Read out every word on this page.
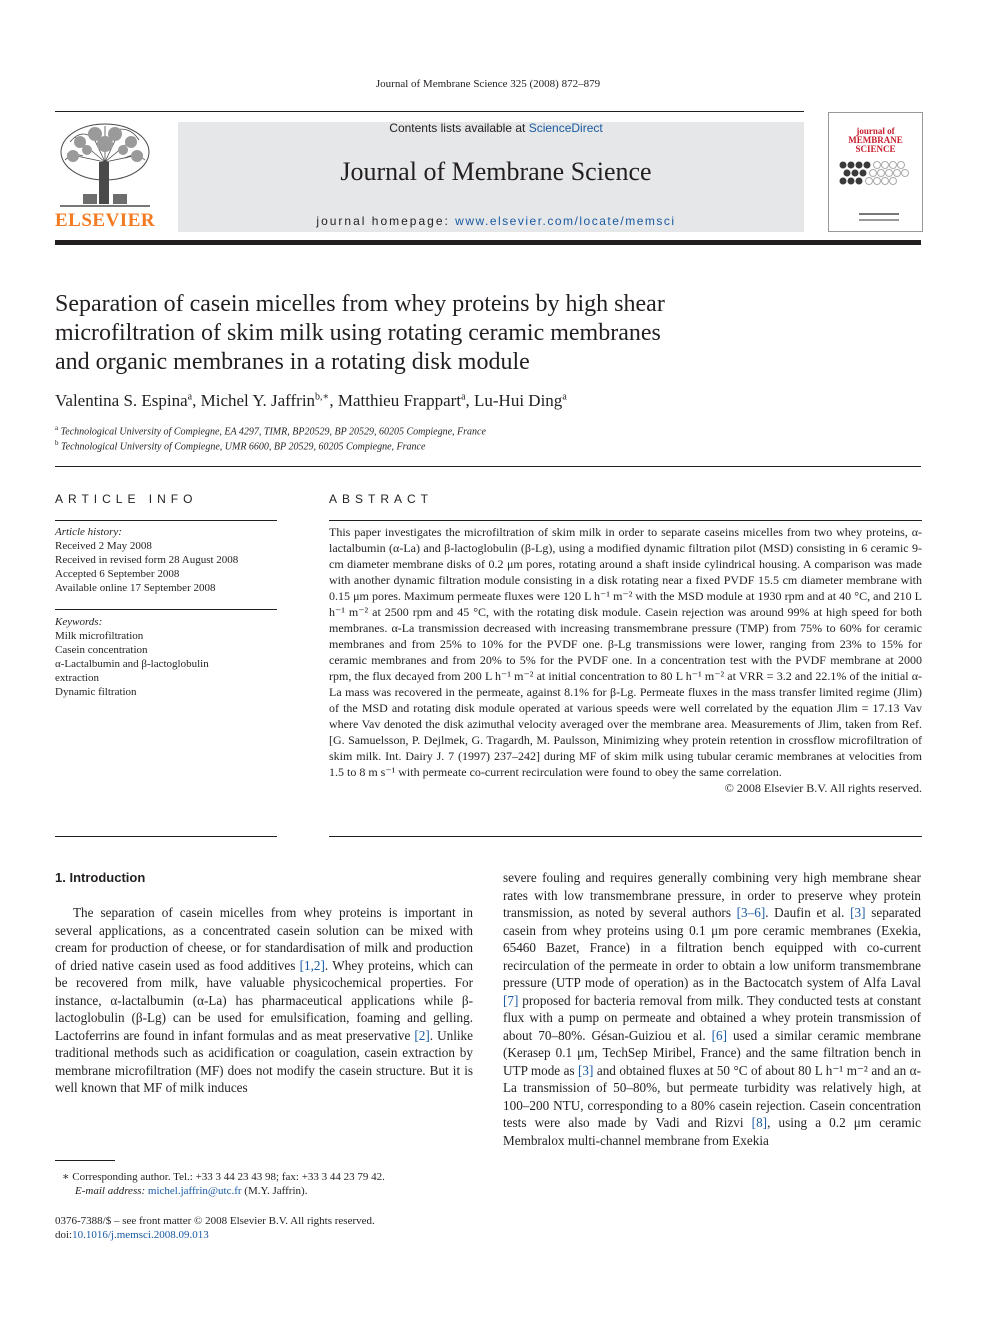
Journal of Membrane Science 325 (2008) 872–879
ELSEVIER
Contents lists available at ScienceDirect
Journal of Membrane Science
journal homepage: www.elsevier.com/locate/memsci
journal of MEMBRANE SCIENCE
Separation of casein micelles from whey proteins by high shear
microfiltration of skim milk using rotating ceramic membranes
and organic membranes in a rotating disk module
Valentina S. Espina$^a$, Michel Y. Jaffrin$^{b,∗}$, Matthieu Frappart$^a$, Lu-Hui Ding$^a$
$^a$ Technological University of Compiegne, EA 4297, TIMR, BP20529, BP 20529, 60205 Compiegne, France
$^b$ Technological University of Compiegne, UMR 6600, BP 20529, 60205 Compiegne, France
ARTICLE INFO
Article history:
Received 2 May 2008
Received in revised form 28 August 2008
Accepted 6 September 2008
Available online 17 September 2008
Keywords:
Milk microfiltration
Casein concentration
α-Lactalbumin and β-lactoglobulin
extraction
Dynamic filtration
ABSTRACT

This paper investigates the microfiltration of skim milk in order to separate caseins micelles from two whey proteins, α-lactalbumin (α-La) and β-lactoglobulin (β-Lg), using a modified dynamic filtration pilot (MSD) consisting in 6 ceramic 9-cm diameter membrane disks of 0.2 μm pores, rotating around a shaft inside cylindrical housing. A comparison was made with another dynamic filtration module consisting in a disk rotating near a fixed PVDF 15.5 cm diameter membrane with 0.15 μm pores. Maximum permeate fluxes were 120 L h⁻¹ m⁻² with the MSD module at 1930 rpm and at 40 °C, and 210 L h⁻¹ m⁻² at 2500 rpm and 45 °C, with the rotating disk module. Casein rejection was around 99% at high speed for both membranes. α-La transmission decreased with increasing transmembrane pressure (TMP) from 75% to 60% for ceramic membranes and from 25% to 10% for the PVDF one. β-Lg transmissions were lower, ranging from 23% to 15% for ceramic membranes and from 20% to 5% for the PVDF one. In a concentration test with the PVDF membrane at 2000 rpm, the flux decayed from 200 L h⁻¹ m⁻² at initial concentration to 80 L h⁻¹ m⁻² at VRR = 3.2 and 22.1% of the initial α-La mass was recovered in the permeate, against 8.1% for β-Lg. Permeate fluxes in the mass transfer limited regime (Jlim) of the MSD and rotating disk module operated at various speeds were well correlated by the equation Jlim = 17.13 Vav where Vav denoted the disk azimuthal velocity averaged over the membrane area. Measurements of Jlim, taken from Ref. [G. Samuelsson, P. Dejlmek, G. Tragardh, M. Paulsson, Minimizing whey protein retention in crossflow microfiltration of skim milk. Int. Dairy J. 7 (1997) 237–242] during MF of skim milk using tubular ceramic membranes at velocities from 1.5 to 8 m s⁻¹ with permeate co-current recirculation were found to obey the same correlation.

© 2008 Elsevier B.V. All rights reserved.
1. Introduction
The separation of casein micelles from whey proteins is important in several applications, as a concentrated casein solution can be mixed with cream for production of cheese, or for standardisation of milk and production of dried native casein used as food additives [1,2]. Whey proteins, which can be recovered from milk, have valuable physicochemical properties. For instance, α-lactalbumin (α-La) has pharmaceutical applications while β-lactoglobulin (β-Lg) can be used for emulsification, foaming and gelling. Lactoferrins are found in infant formulas and as meat preservative [2]. Unlike traditional methods such as acidification or coagulation, casein extraction by membrane microfiltration (MF) does not modify the casein structure. But it is well known that MF of milk induces
severe fouling and requires generally combining very high membrane shear rates with low transmembrane pressure, in order to preserve whey protein transmission, as noted by several authors [3–6]. Daufin et al. [3] separated casein from whey proteins using 0.1 μm pore ceramic membranes (Exekia, 65460 Bazet, France) in a filtration bench equipped with co-current recirculation of the permeate in order to obtain a low uniform transmembrane pressure (UTP mode of operation) as in the Bactocatch system of Alfa Laval [7] proposed for bacteria removal from milk. They conducted tests at constant flux with a pump on permeate and obtained a whey protein transmission of about 70–80%. Gésan-Guiziou et al. [6] used a similar ceramic membrane (Kerasep 0.1 μm, TechSep Miribel, France) and the same filtration bench in UTP mode as [3] and obtained fluxes at 50 °C of about 80 L h⁻¹ m⁻² and an α-La transmission of 50–80%, but permeate turbidity was relatively high, at 100–200 NTU, corresponding to a 80% casein rejection. Casein concentration tests were also made by Vadi and Rizvi [8], using a 0.2 μm ceramic Membralox multi-channel membrane from Exekia
∗ Corresponding author. Tel.: +33 3 44 23 43 98; fax: +33 3 44 23 79 42.
E-mail address: michel.jaffrin@utc.fr (M.Y. Jaffrin).
0376-7388/$ – see front matter © 2008 Elsevier B.V. All rights reserved.
doi:10.1016/j.memsci.2008.09.013
